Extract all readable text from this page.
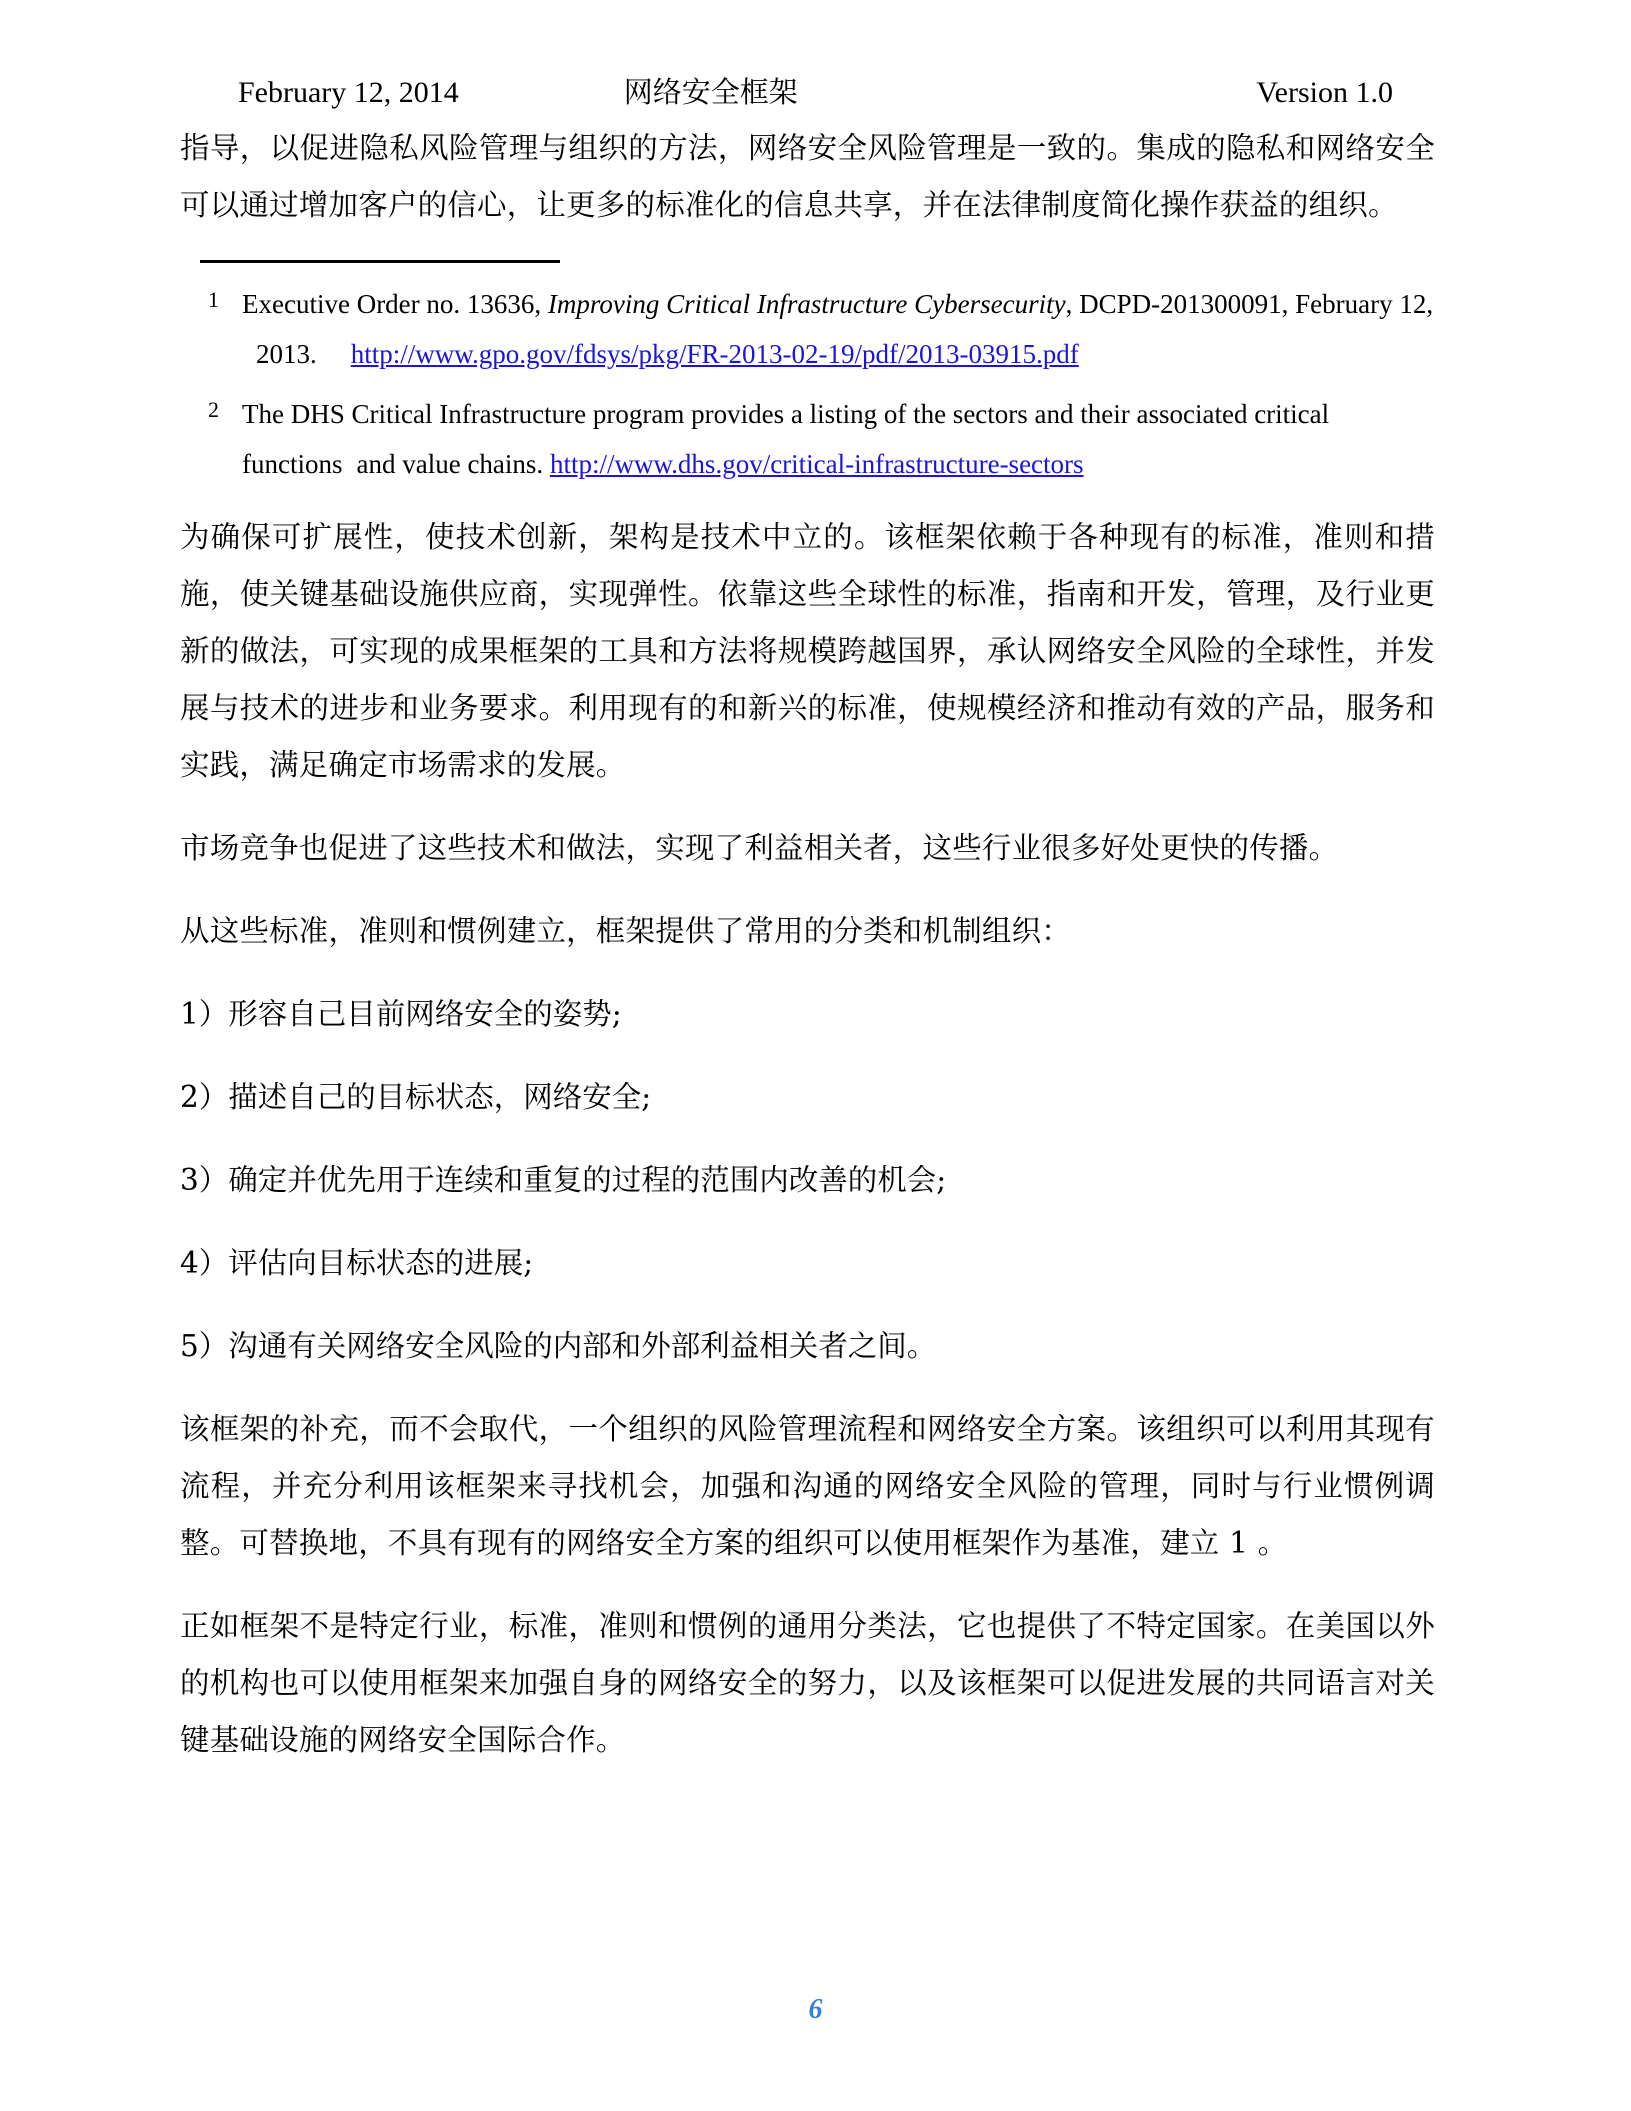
February 12, 2014	网络安全框架	Version 1.0

指导，以促进隐私风险管理与组织的方法，网络安全风险管理是一致的。集成的隐私和网络安全可以通过增加客户的信心，让更多的标准化的信息共享，并在法律制度简化操作获益的组织。

1 Executive Order no. 13636, Improving Critical Infrastructure Cybersecurity, DCPD-201300091, February 12,2013. http://www.gpo.gov/fdsys/pkg/FR-2013-02-19/pdf/2013-03915.pdf
2 The DHS Critical Infrastructure program provides a listing of the sectors and their associated critical functions and value chains. http://www.dhs.gov/critical-infrastructure-sectors

为确保可扩展性，使技术创新，架构是技术中立的。该框架依赖于各种现有的标准，准则和措施，使关键基础设施供应商，实现弹性。依靠这些全球性的标准，指南和开发，管理，及行业更新的做法，可实现的成果框架的工具和方法将规模跨越国界，承认网络安全风险的全球性，并发展与技术的进步和业务要求。利用现有的和新兴的标准，使规模经济和推动有效的产品，服务和实践，满足确定市场需求的发展。

市场竞争也促进了这些技术和做法，实现了利益相关者，这些行业很多好处更快的传播。

从这些标准，准则和惯例建立，框架提供了常用的分类和机制组织：

1）形容自己目前网络安全的姿势;

2）描述自己的目标状态，网络安全;

3）确定并优先用于连续和重复的过程的范围内改善的机会;

4）评估向目标状态的进展;

5）沟通有关网络安全风险的内部和外部利益相关者之间。

该框架的补充，而不会取代，一个组织的风险管理流程和网络安全方案。该组织可以利用其现有流程，并充分利用该框架来寻找机会，加强和沟通的网络安全风险的管理，同时与行业惯例调整。可替换地，不具有现有的网络安全方案的组织可以使用框架作为基准，建立 1 。

正如框架不是特定行业，标准，准则和惯例的通用分类法，它也提供了不特定国家。在美国以外的机构也可以使用框架来加强自身的网络安全的努力，以及该框架可以促进发展的共同语言对关键基础设施的网络安全国际合作。

6
